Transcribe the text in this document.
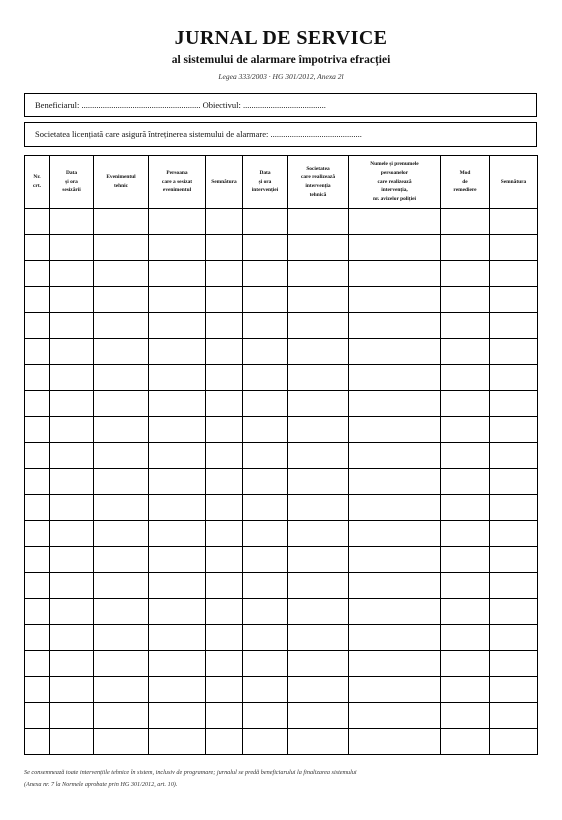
JURNAL DE SERVICE
al sistemului de alarmare împotriva efracției
Legea 333/2003 · HG 301/2012, Anexa 2l
Beneficiarul: ........................................................ Obiectivul: .......................................
Societatea licențiată care asigură întreținerea sistemului de alarmare: ...........................................
Nr.
crt.	Data
și ora
sesizării	Evenimentul
tehnic	Persoana
care a sesizat
evenimentul	Semnătura	Data
și ora
intervenției	Societatea
care realizează
intervenția
tehnică	Numele și prenumele
persoanelor
care realizează
intervenția,
nr. avizelor poliției	Mod
de
remediere	Semnătura

Se consemnează toate intervențiile tehnice în sistem, inclusiv de programare; jurnalul se predă beneficiarului la finalizarea sistemului
(Anexa nr. 7 la Normele aprobate prin HG 301/2012, art. 10).
